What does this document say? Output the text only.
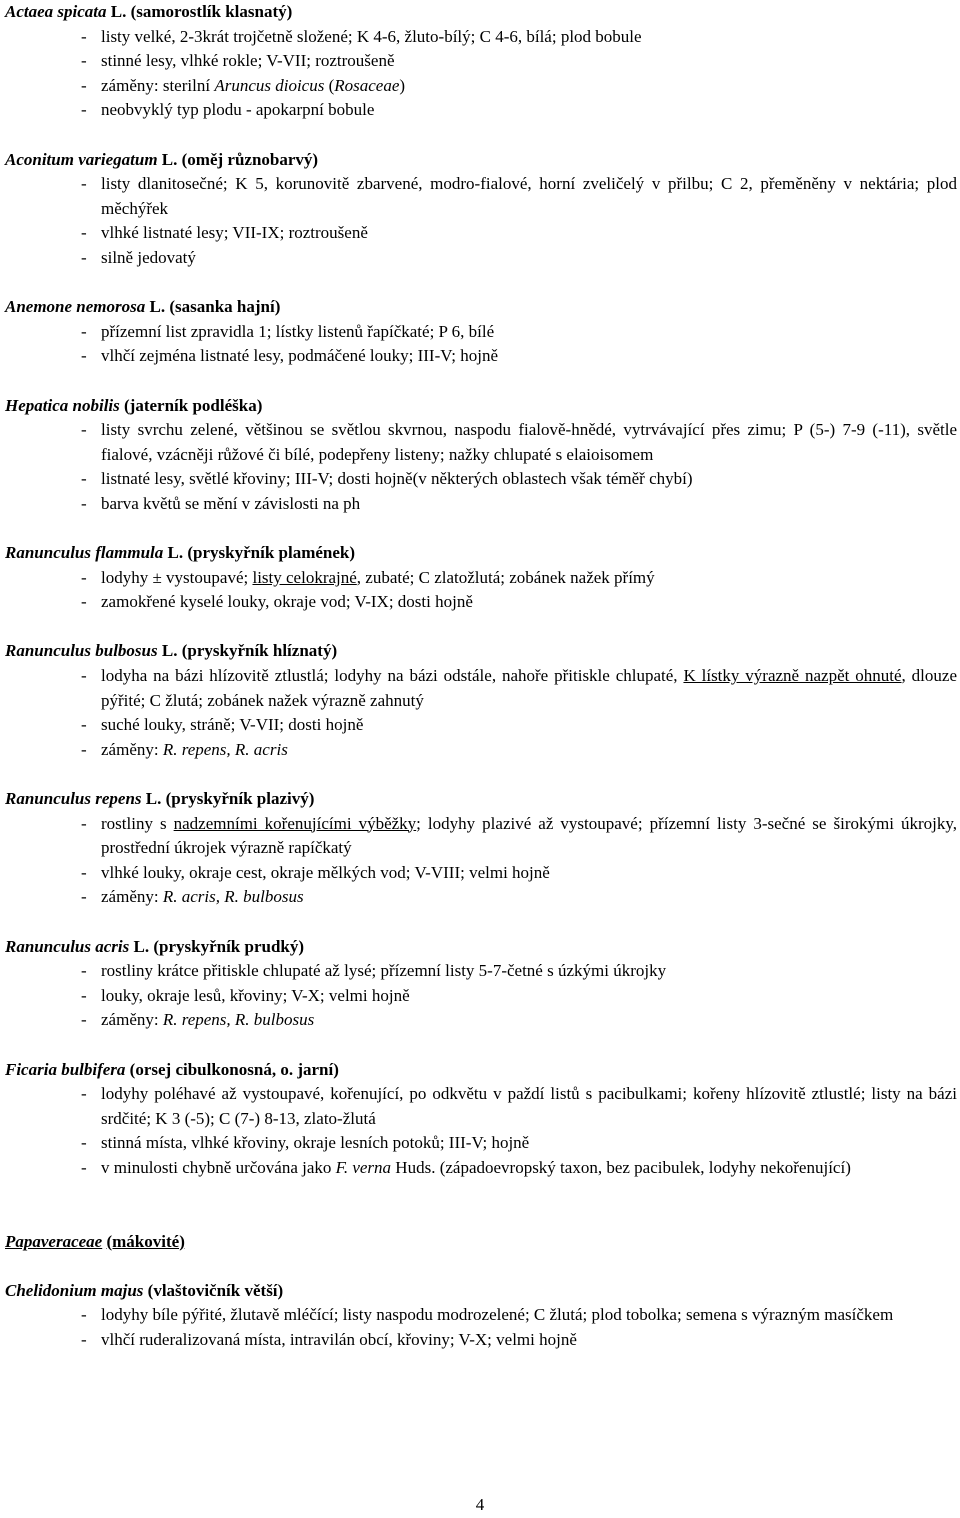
Actaea spicata L. (samorostlík klasnatý)
- listy velké, 2-3krát trojčetně složené; K 4-6, žluto-bílý; C 4-6, bílá; plod bobule
- stinné lesy, vlhké rokle; V-VII; roztroušeně
- záměny: sterilní Aruncus dioicus (Rosaceae)
- neobvyklý typ plodu - apokarpní bobule
Aconitum variegatum L. (oměj různobarvý)
- listy dlanitosečné; K 5, korunovitě zbarvené, modro-fialové, horní zveličelý v přilbu; C 2, přeměněny v nektária; plod měchýřek
- vlhké listnaté lesy; VII-IX; roztroušeně
- silně jedovatý
Anemone nemorosa L. (sasanka hajní)
- přízemní list zpravidla 1; lístky listenů řapíčkaté; P 6, bílé
- vlhčí zejména listnaté lesy, podmáčené louky; III-V; hojně
Hepatica nobilis (jaterník podléška)
- listy svrchu zelené, většinou se světlou skvrnou, naspodu fialově-hnědé, vytrvávající přes zimu; P (5-) 7-9 (-11), světle fialové, vzácněji růžové či bílé, podepřeny listeny; nažky chlupaté s elaioisomem
- listnaté lesy, světlé křoviny; III-V; dosti hojně(v některých oblastech však téměř chybí)
- barva květů se mění v závislosti na ph
Ranunculus flammula L. (pryskyřník plamének)
- lodyhy ± vystoupavé; listy celokrajné, zubaté; C zlatožlutá; zobánek nažek přímý
- zamokřené kyselé louky, okraje vod; V-IX; dosti hojně
Ranunculus bulbosus L. (pryskyřník hlíznatý)
- lodyha na bázi hlízovitě ztlustlá; lodyhy na bázi odstále, nahoře přitiskle chlupaté, K lístky výrazně nazpět ohnuté, dlouze pýřité; C žlutá; zobánek nažek výrazně zahnutý
- suché louky, stráně; V-VII; dosti hojně
- záměny: R. repens, R. acris
Ranunculus repens L. (pryskyřník plazivý)
- rostliny s nadzemními kořenujícími výběžky; lodyhy plazivé až vystoupavé; přízemní listy 3-sečné se širokými úkrojky, prostřední úkrojek výrazně rapíčkatý
- vlhké louky, okraje cest, okraje mělkých vod; V-VIII; velmi hojně
- záměny: R. acris, R. bulbosus
Ranunculus acris L. (pryskyřník prudký)
- rostliny krátce přitiskle chlupaté až lysé; přízemní listy 5-7-četné s úzkými úkrojky
- louky, okraje lesů, křoviny; V-X; velmi hojně
- záměny: R. repens, R. bulbosus
Ficaria bulbifera (orsej cibulkonosná, o. jarní)
- lodyhy poléhavé až vystoupavé, kořenující, po odkvětu v paždí listů s pacibulkami; kořeny hlízovitě ztlustlé; listy na bázi srdčité; K 3 (-5); C (7-) 8-13, zlato-žlutá
- stinná místa, vlhké křoviny, okraje lesních potoků; III-V; hojně
- v minulosti chybně určována jako F. verna Huds. (západoevropský taxon, bez pacibulek, lodyhy nekořenující)
Papaveraceae (mákovité)
Chelidonium majus (vlaštovičník větší)
- lodyhy bíle pýřité, žlutavě mléčící; listy naspodu modrozelené; C žlutá; plod tobolka; semena s výrazným masíčkem
- vlhčí ruderalizovaná místa, intravilán obcí, křoviny; V-X; velmi hojně
4
